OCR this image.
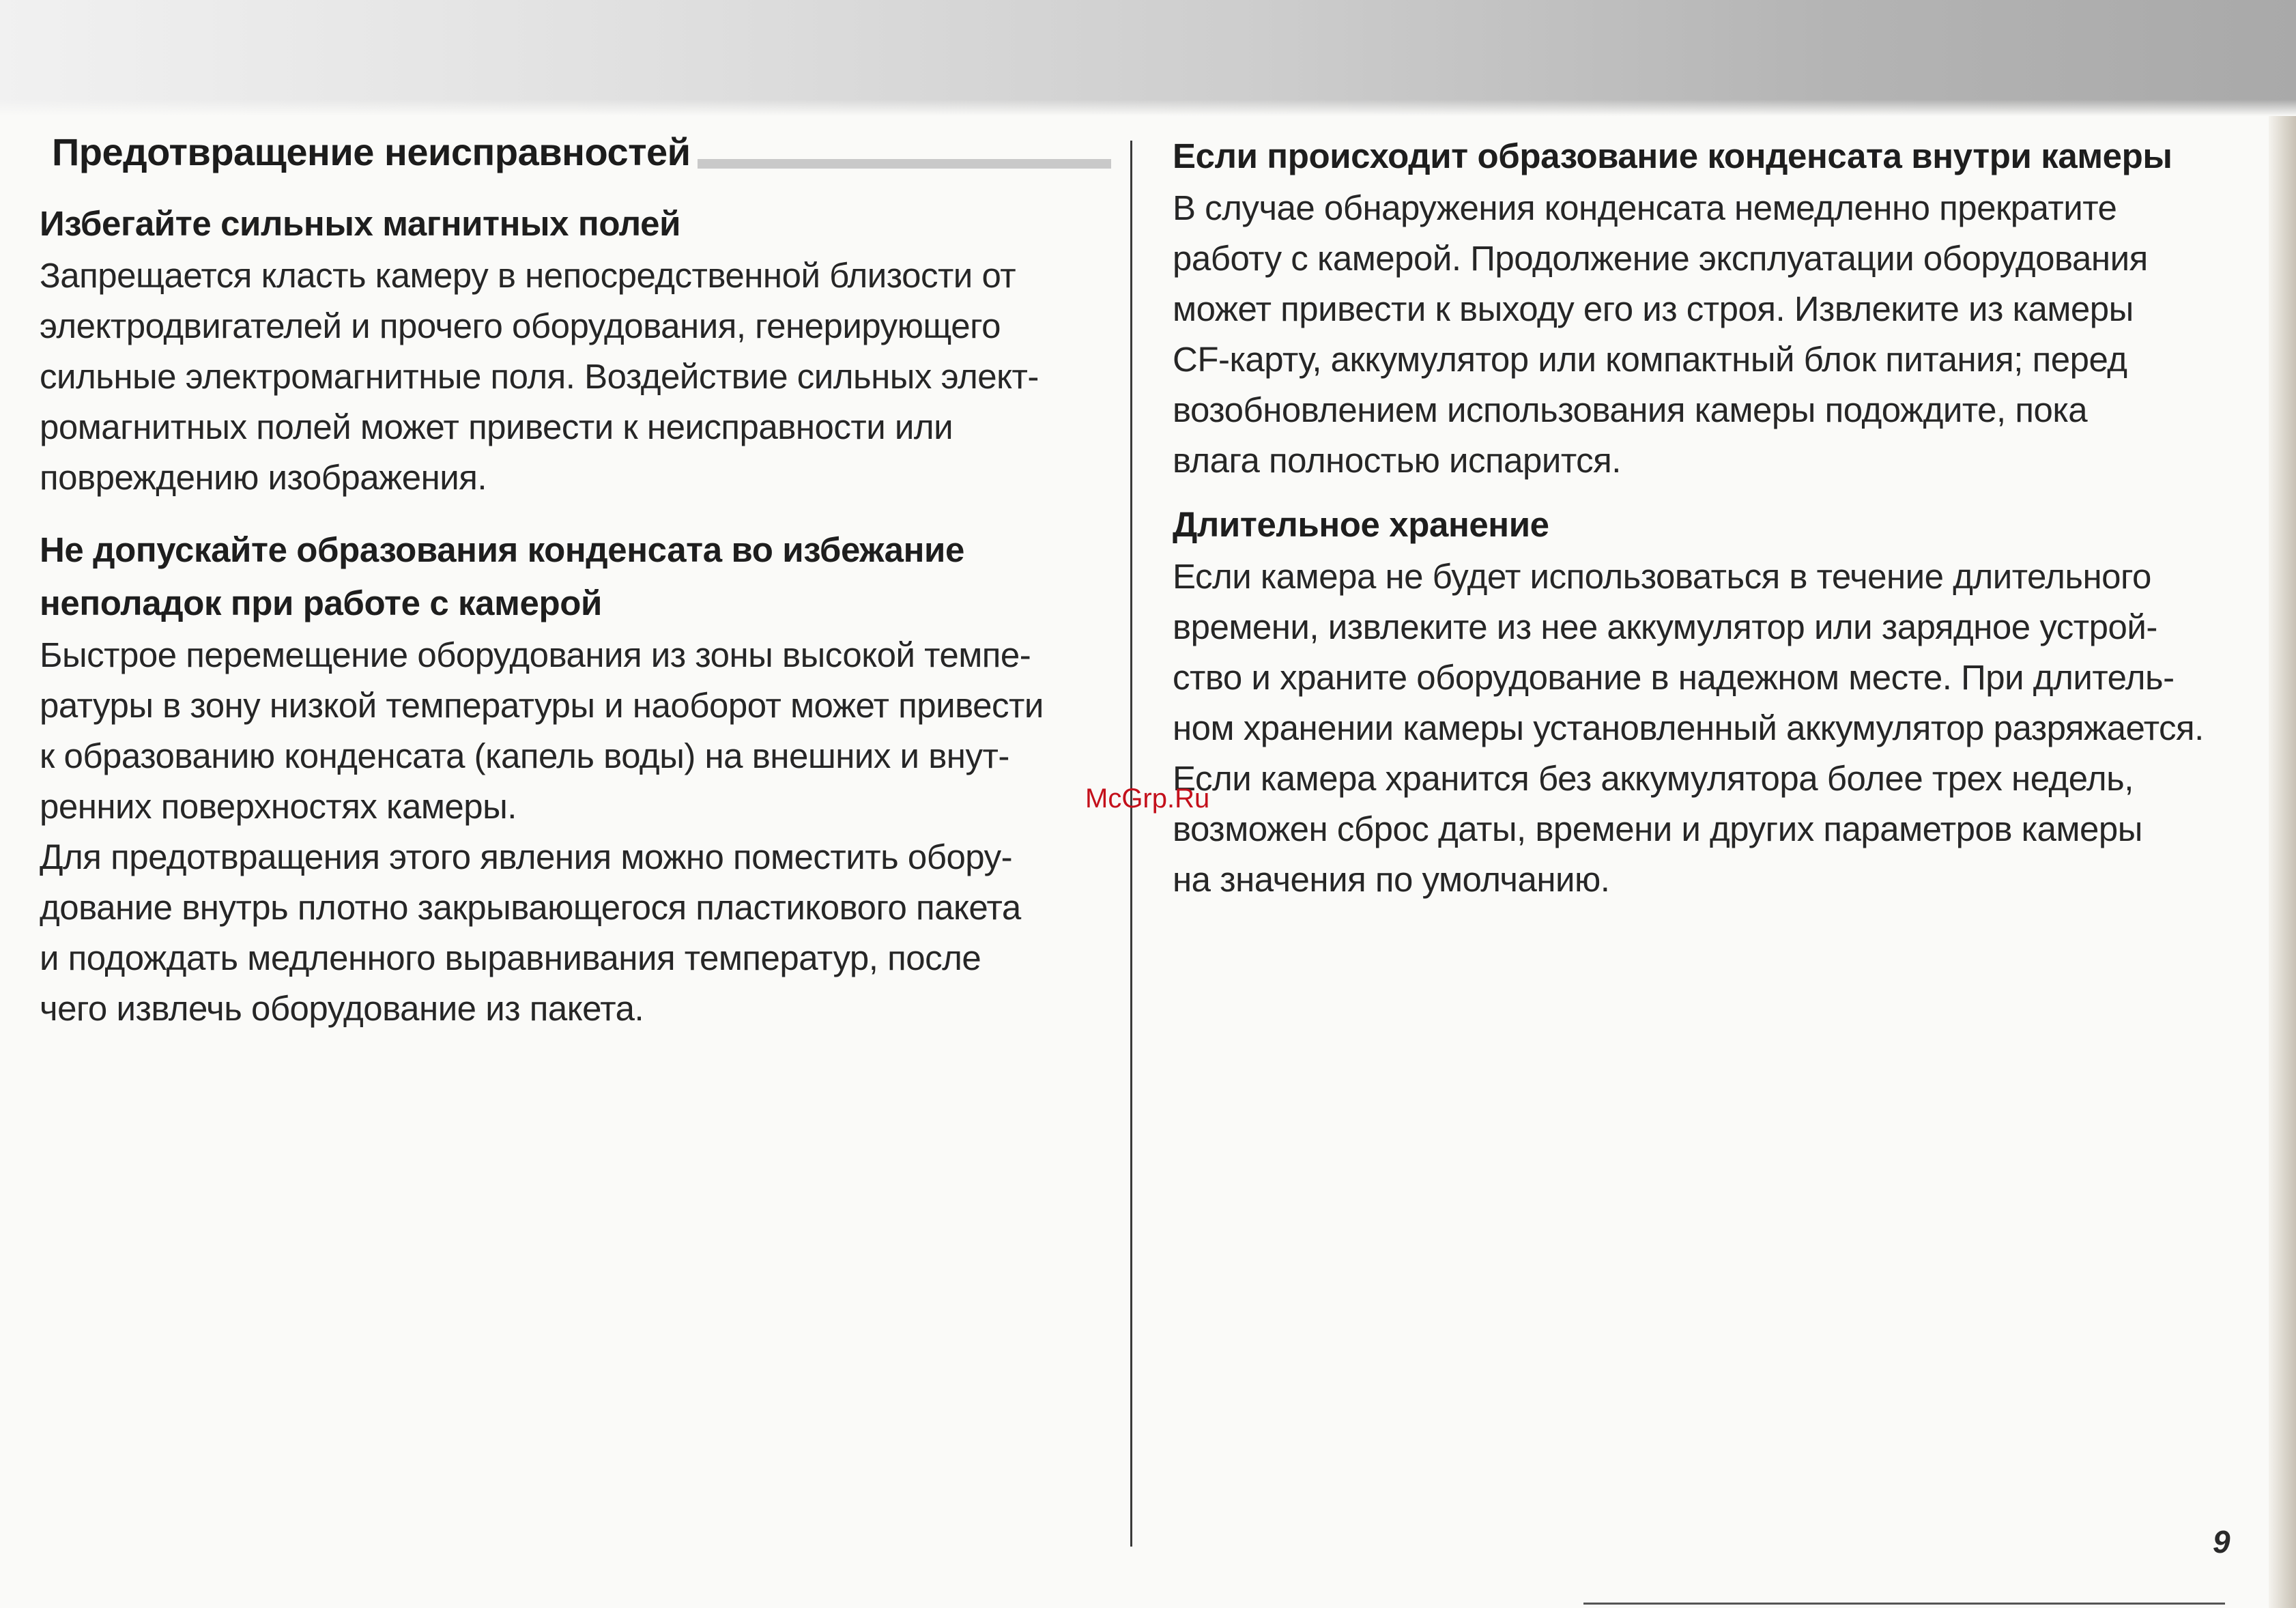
Предотвращение неисправностей

Избегайте сильных магнитных полей

Запрещается класть камеру в непосредственной близости от
электродвигателей и прочего оборудования, генерирующего
сильные электромагнитные поля. Воздействие сильных элект-
ромагнитных полей может привести к неисправности или
повреждению изображения.

Не допускайте образования конденсата во избежание
неполадок при работе с камерой

Быстрое перемещение оборудования из зоны высокой темпе-
ратуры в зону низкой температуры и наоборот может привести
к образованию конденсата (капель воды) на внешних и внут-
ренних поверхностях камеры.

Для предотвращения этого явления можно поместить обору-
дование внутрь плотно закрывающегося пластикового пакета
и подождать медленного выравнивания температур, после
чего извлечь оборудование из пакета.

Если происходит образование конденсата внутри камеры

В случае обнаружения конденсата немедленно прекратите
работу с камерой. Продолжение эксплуатации оборудования
может привести к выходу его из строя. Извлеките из камеры
CF-карту, аккумулятор или компактный блок питания; перед
возобновлением использования камеры подождите, пока
влага полностью испарится.

Длительное хранение

Если камера не будет использоваться в течение длительного
времени, извлеките из нее аккумулятор или зарядное устрой-
ство и храните оборудование в надежном месте. При длитель-
ном хранении камеры установленный аккумулятор разряжается.
Если камера хранится без аккумулятора более трех недель,
возможен сброс даты, времени и других параметров камеры
на значения по умолчанию.

McGrp.Ru
9
